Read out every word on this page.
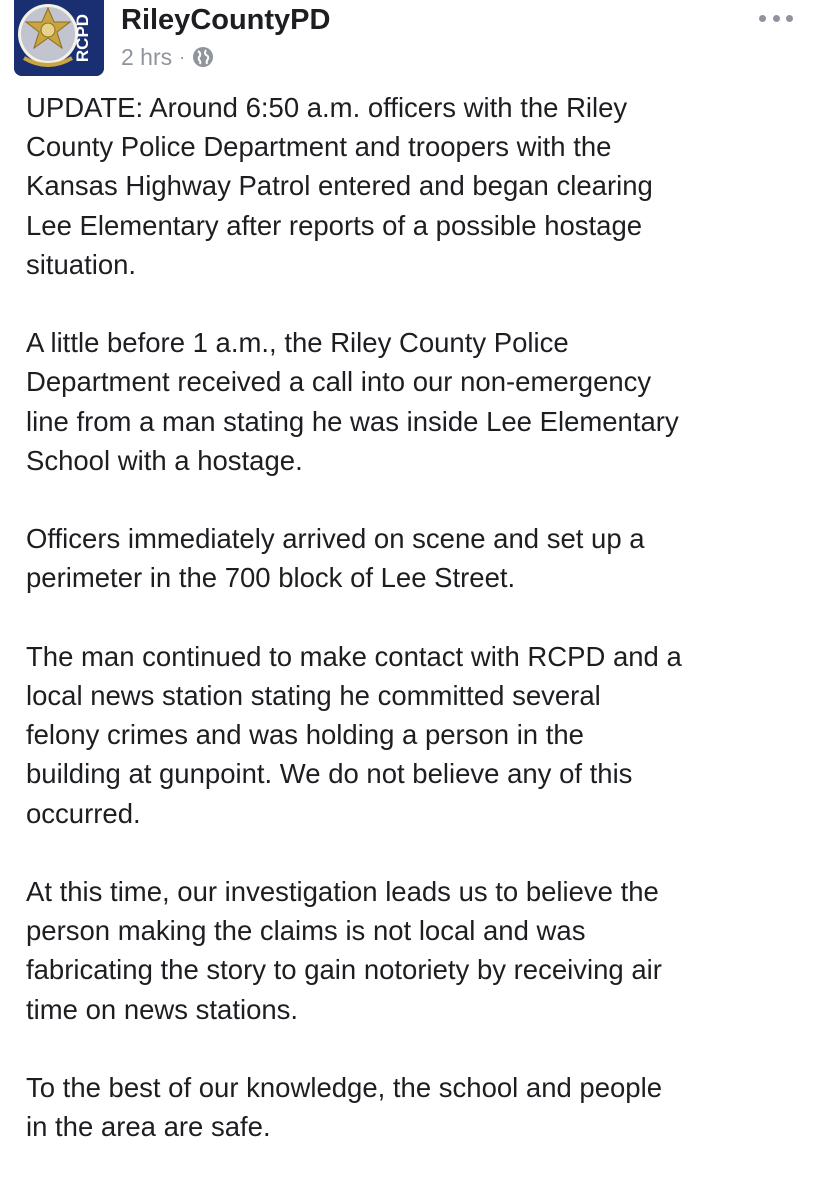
RCPD RileyCountyPD
2 hrs ·

UPDATE: Around 6:50 a.m. officers with the Riley
County Police Department and troopers with the
Kansas Highway Patrol entered and began clearing
Lee Elementary after reports of a possible hostage
situation.

A little before 1 a.m., the Riley County Police
Department received a call into our non-emergency
line from a man stating he was inside Lee Elementary
School with a hostage.

Officers immediately arrived on scene and set up a
perimeter in the 700 block of Lee Street.

The man continued to make contact with RCPD and a
local news station stating he committed several
felony crimes and was holding a person in the
building at gunpoint. We do not believe any of this
occurred.

At this time, our investigation leads us to believe the
person making the claims is not local and was
fabricating the story to gain notoriety by receiving air
time on news stations.

To the best of our knowledge, the school and people
in the area are safe.
